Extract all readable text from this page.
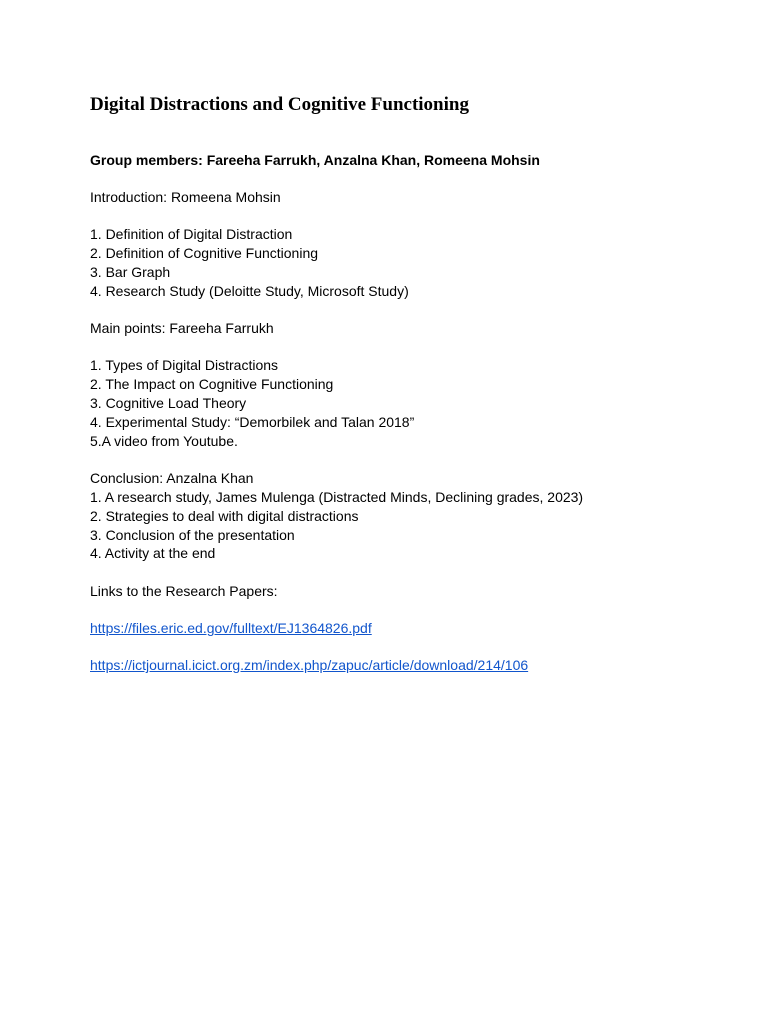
Digital Distractions and Cognitive Functioning

Group members: Fareeha Farrukh, Anzalna Khan, Romeena Mohsin

Introduction: Romeena Mohsin

1. Definition of Digital Distraction

2. Definition of Cognitive Functioning

3. Bar Graph

4. Research Study (Deloitte Study, Microsoft Study)

Main points: Fareeha Farrukh

1. Types of Digital Distractions

2. The Impact on Cognitive Functioning

3. Cognitive Load Theory

4. Experimental Study: “Demorbilek and Talan 2018”

5.A video from Youtube.

Conclusion: Anzalna Khan

1. A research study, James Mulenga (Distracted Minds, Declining grades, 2023)

2. Strategies to deal with digital distractions

3. Conclusion of the presentation

4. Activity at the end

Links to the Research Papers:

https://files.eric.ed.gov/fulltext/EJ1364826.pdf

https://ictjournal.icict.org.zm/index.php/zapuc/article/download/214/106
